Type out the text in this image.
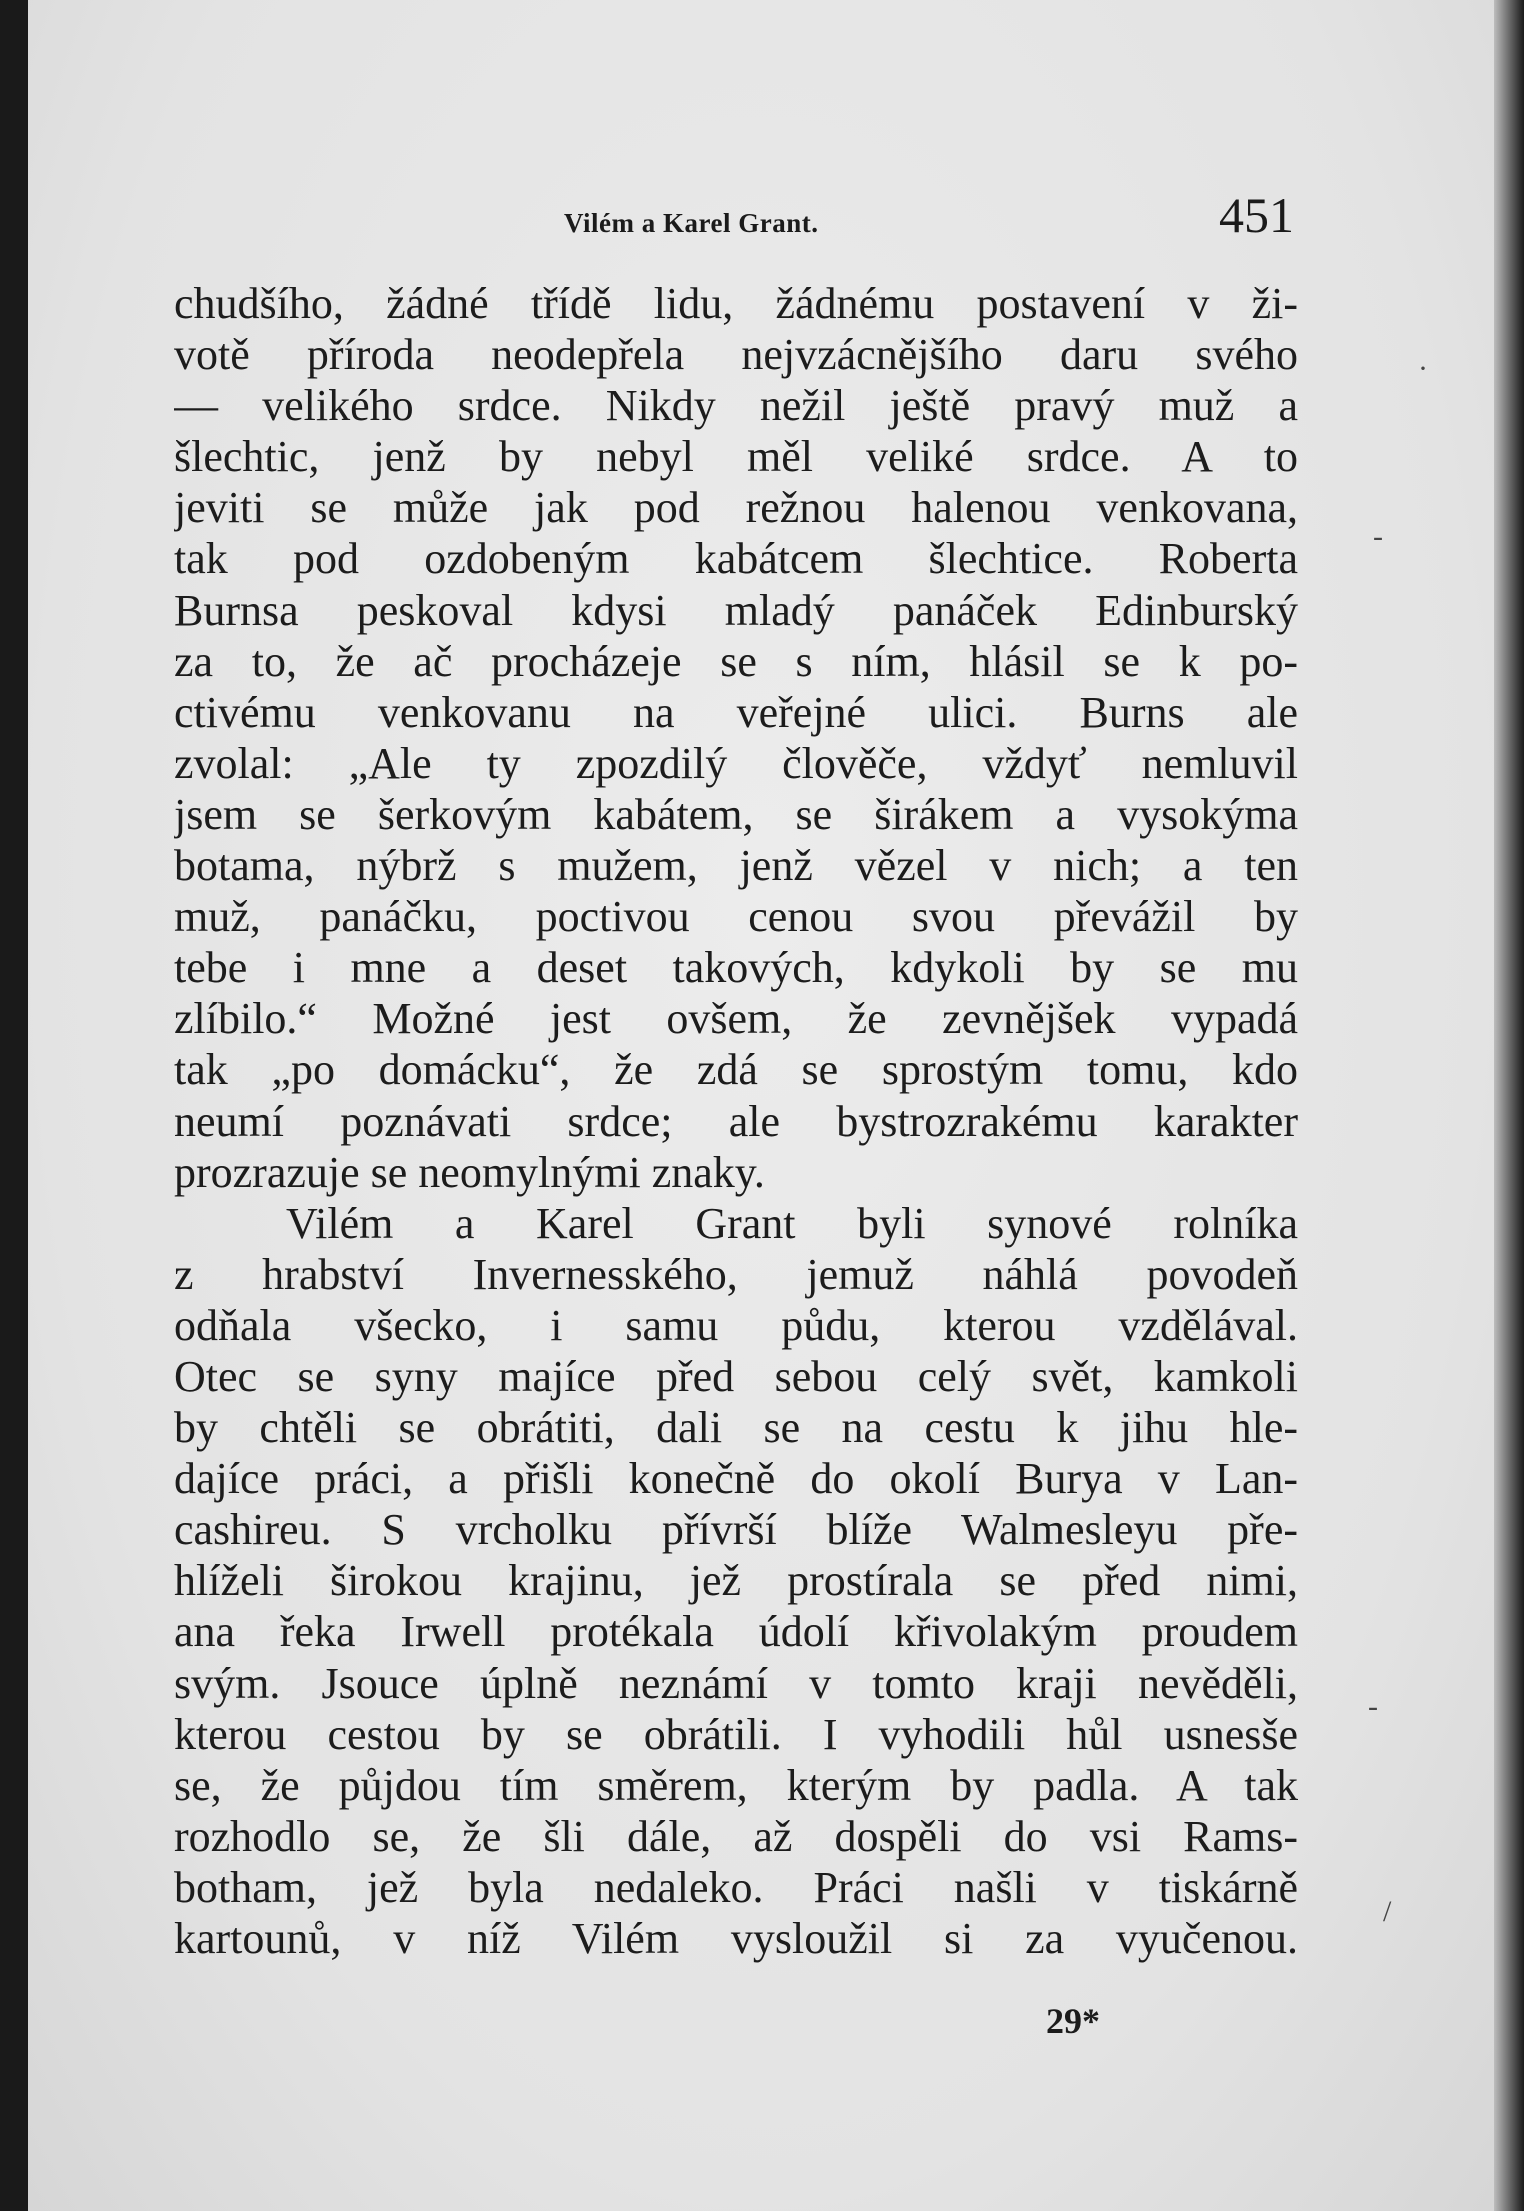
Vilém a Karel Grant.	451
chudšího, žádné třídě lidu, žádnému postavení v ži-
votě příroda neodepřela nejvzácnějšího daru svého
— velikého srdce. Nikdy nežil ještě pravý muž a
šlechtic, jenž by nebyl měl veliké srdce. A to
jeviti se může jak pod režnou halenou venkovana,
tak pod ozdobeným kabátcem šlechtice. Roberta
Burnsa peskoval kdysi mladý panáček Edinburský
za to, že ač procházeje se s ním, hlásil se k po-
ctivému venkovanu na veřejné ulici. Burns ale
zvolal: „Ale ty zpozdilý člověče, vždyť nemluvil
jsem se šerkovým kabátem, se širákem a vysokýma
botama, nýbrž s mužem, jenž vězel v nich; a ten
muž, panáčku, poctivou cenou svou převážil by
tebe i mne a deset takových, kdykoli by se mu
zlíbilo.“ Možné jest ovšem, že zevnějšek vypadá
tak „po domácku“, že zdá se sprostým tomu, kdo
neumí poznávati srdce; ale bystrozrakému karakter
prozrazuje se neomylnými znaky.
Vilém a Karel Grant byli synové rolníka
z hrabství Invernesského, jemuž náhlá povodeň
odňala všecko, i samu půdu, kterou vzdělával.
Otec se syny majíce před sebou celý svět, kamkoli
by chtěli se obrátiti, dali se na cestu k jihu hle-
dajíce práci, a přišli konečně do okolí Burya v Lan-
cashireu. S vrcholku přívrší blíže Walmesleyu pře-
hlíželi širokou krajinu, jež prostírala se před nimi,
ana řeka Irwell protékala údolí křivolakým proudem
svým. Jsouce úplně neznámí v tomto kraji nevěděli,
kterou cestou by se obrátili. I vyhodili hůl usnesše
se, že půjdou tím směrem, kterým by padla. A tak
rozhodlo se, že šli dále, až dospěli do vsi Rams-
botham, jež byla nedaleko. Práci našli v tiskárně
kartounů, v níž Vilém vysloužil si za vyučenou.
29*
·
-
-
/
